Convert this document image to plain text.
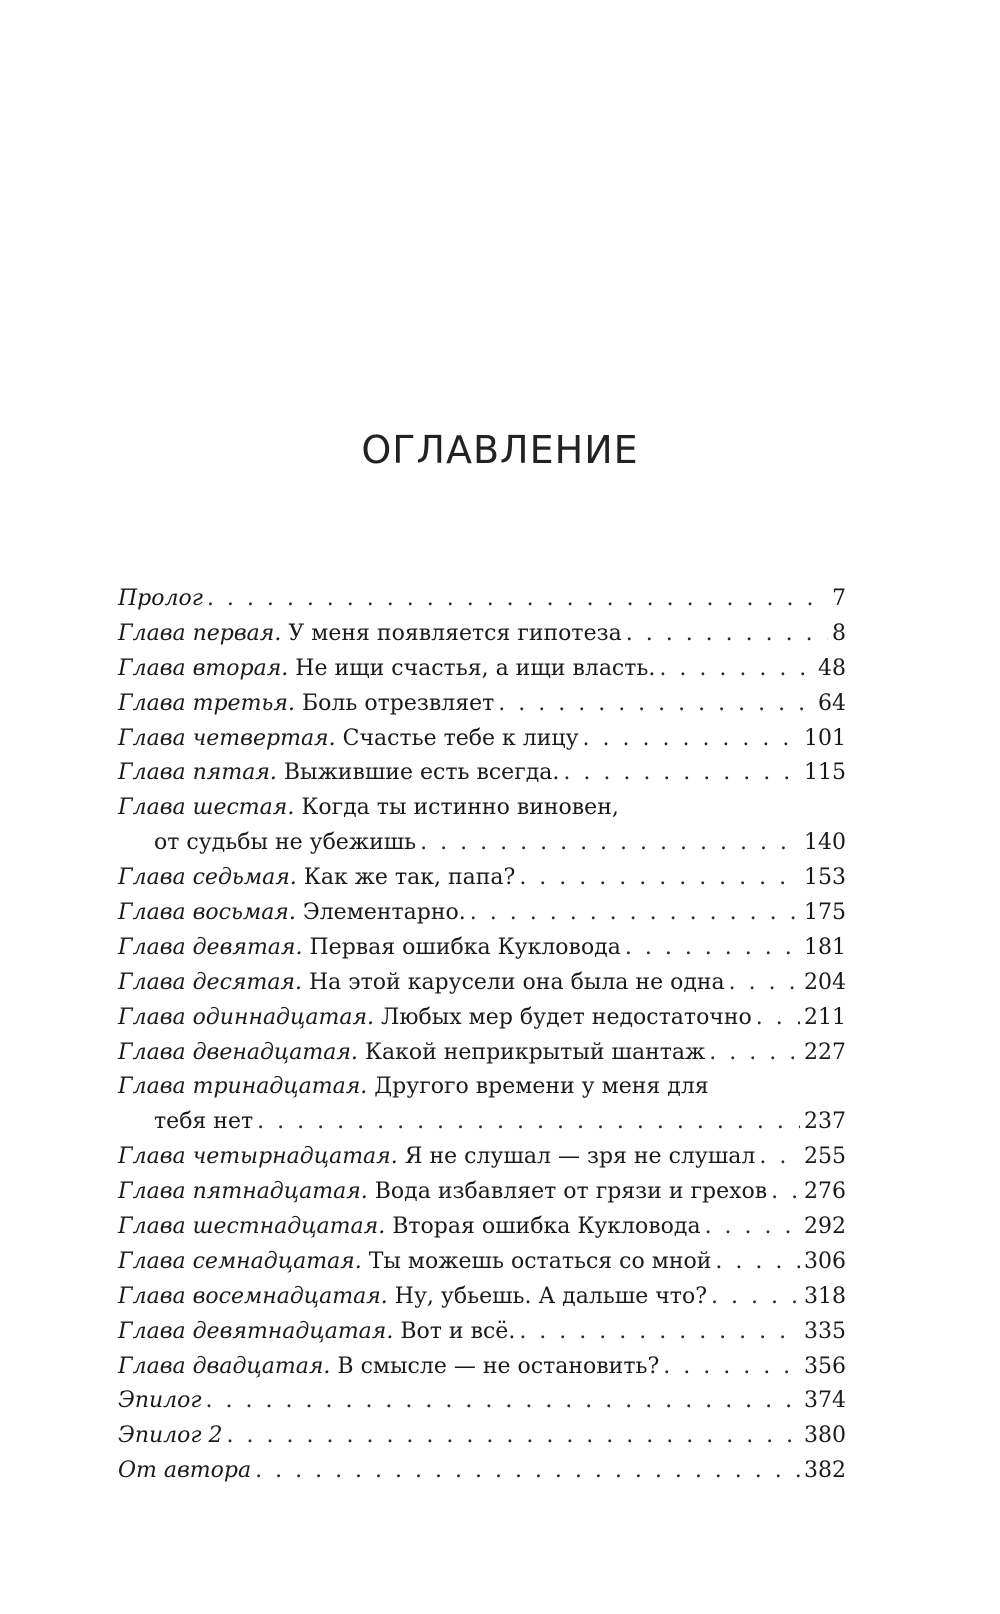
ОГЛАВЛЕНИЕ
Пролог . . .	7
Глава первая. У меня появляется гипотеза . . .	8
Глава вторая. Не ищи счастья, а ищи власть. . . .	48
Глава третья. Боль отрезвляет . . .	64
Глава четвертая. Счастье тебе к лицу . . .	101
Глава пятая. Выжившие есть всегда. . . .	115
Глава шестая. Когда ты истинно виновен,
от судьбы не убежишь . . .	140
Глава седьмая. Как же так, папа? . . .	153
Глава восьмая. Элементарно. . . .	175
Глава девятая. Первая ошибка Кукловода . . .	181
Глава десятая. На этой карусели она была не одна . . .	204
Глава одиннадцатая. Любых мер будет недостаточно . . . 211
Глава двенадцатая. Какой неприкрытый шантаж . . .	227
Глава тринадцатая. Другого времени у меня для
тебя нет . . .	237
Глава четырнадцатая. Я не слушал — зря не слушал . . . 255
Глава пятнадцатая. Вода избавляет от грязи и грехов . . . 276
Глава шестнадцатая. Вторая ошибка Кукловода . . .	292
Глава семнадцатая. Ты можешь остаться со мной . . .	306
Глава восемнадцатая. Ну, убьешь. А дальше что? . . .	318
Глава девятнадцатая. Вот и всё. . . .	335
Глава двадцатая. В смысле — не остановить? . . .	356
Эпилог . . .	374
Эпилог 2 . . .	380
От автора . . .	382
